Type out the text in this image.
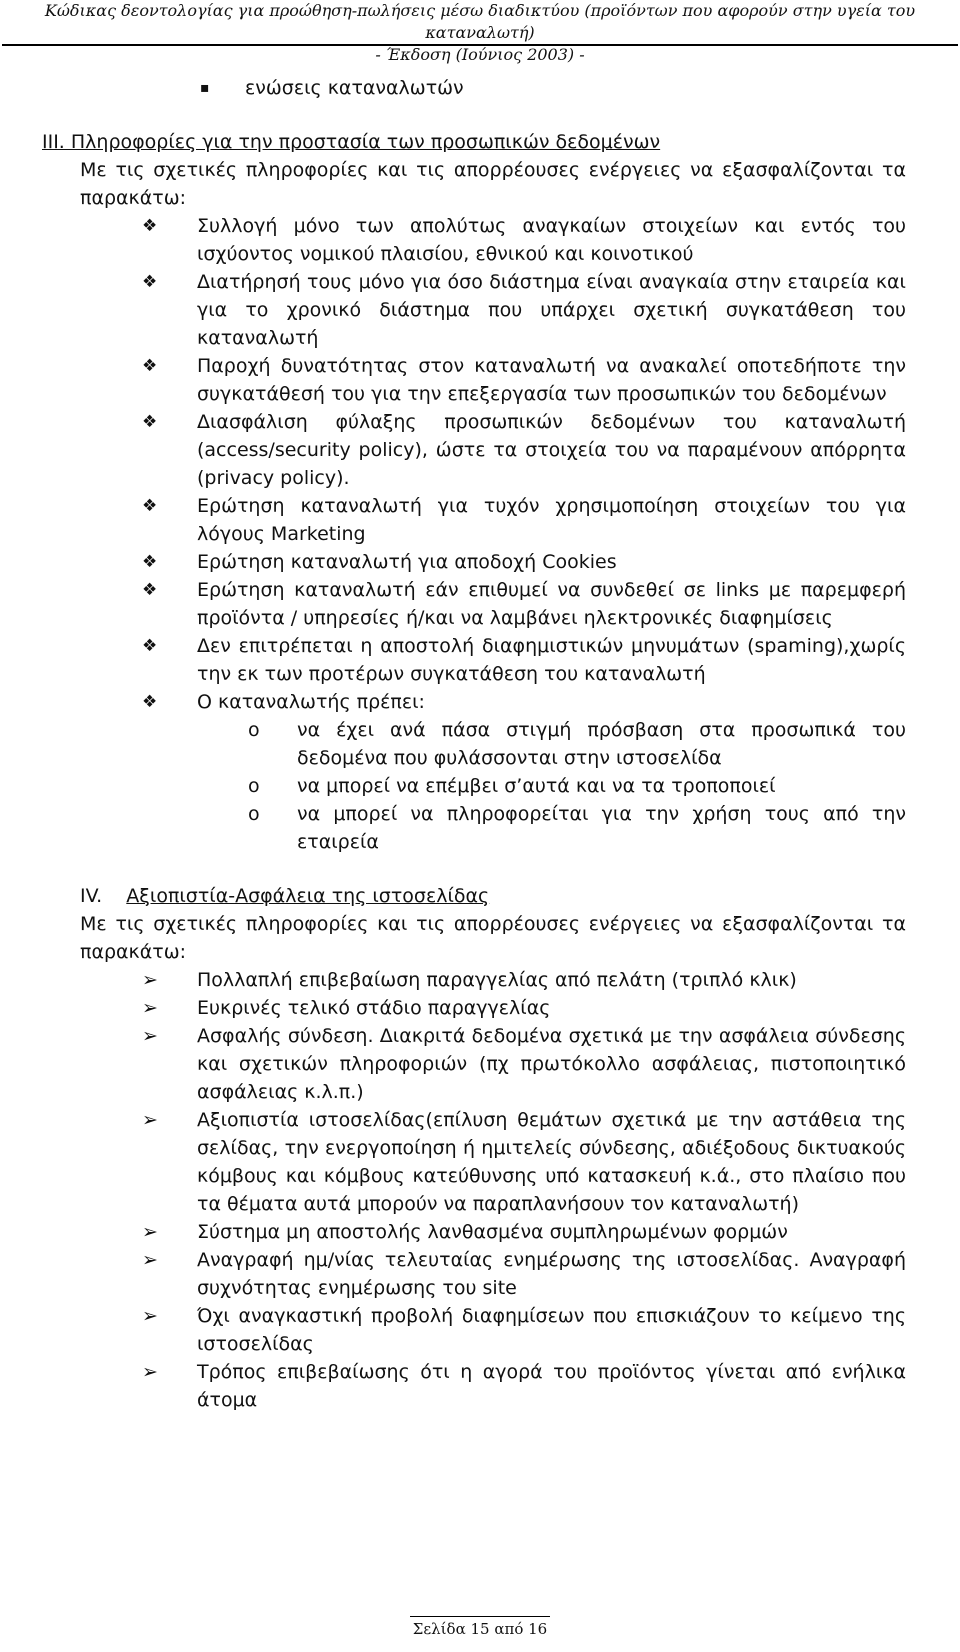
Κώδικας δεοντολογίας για προώθηση-πωλήσεις μέσω διαδικτύου (προϊόντων που αφορούν στην υγεία του καταναλωτή)
- Έκδοση (Ιούνιος 2003) -
▪ ενώσεις καταναλωτών
ΙΙΙ. Πληροφορίες για την προστασία των προσωπικών δεδομένων
Με τις σχετικές πληροφορίες και τις απορρέουσες ενέργειες να εξασφαλίζονται τα παρακάτω:
❖ Συλλογή μόνο των απολύτως αναγκαίων στοιχείων και εντός του ισχύοντος νομικού πλαισίου, εθνικού και κοινοτικού
❖ Διατήρησή τους μόνο για όσο διάστημα είναι αναγκαία στην εταιρεία και για το χρονικό διάστημα που υπάρχει σχετική συγκατάθεση του καταναλωτή
❖ Παροχή δυνατότητας στον καταναλωτή να ανακαλεί οποτεδήποτε την συγκατάθεσή του για την επεξεργασία των προσωπικών του δεδομένων
❖ Διασφάλιση φύλαξης προσωπικών δεδομένων του καταναλωτή (access/security policy), ώστε τα στοιχεία του να παραμένουν απόρρητα (privacy policy).
❖ Ερώτηση καταναλωτή για τυχόν χρησιμοποίηση στοιχείων του για λόγους Marketing
❖ Ερώτηση καταναλωτή για αποδοχή Cookies
❖ Ερώτηση καταναλωτή εάν επιθυμεί να συνδεθεί σε links με παρεμφερή προϊόντα / υπηρεσίες ή/και να λαμβάνει ηλεκτρονικές διαφημίσεις
❖ Δεν επιτρέπεται η αποστολή διαφημιστικών μηνυμάτων (spaming),χωρίς την εκ των προτέρων συγκατάθεση του καταναλωτή
❖ Ο καταναλωτής πρέπει:
o να έχει ανά πάσα στιγμή πρόσβαση στα προσωπικά του δεδομένα που φυλάσσονται στην ιστοσελίδα
o να μπορεί να επέμβει σ’αυτά και να τα τροποποιεί
o να μπορεί να πληροφορείται για την χρήση τους από την εταιρεία
IV. Αξιοπιστία-Ασφάλεια της ιστοσελίδας
Με τις σχετικές πληροφορίες και τις απορρέουσες ενέργειες να εξασφαλίζονται τα παρακάτω:
➢ Πολλαπλή επιβεβαίωση παραγγελίας από πελάτη (τριπλό κλικ)
➢ Ευκρινές τελικό στάδιο παραγγελίας
➢ Ασφαλής σύνδεση. Διακριτά δεδομένα σχετικά με την ασφάλεια σύνδεσης και σχετικών πληροφοριών (πχ πρωτόκολλο ασφάλειας, πιστοποιητικό ασφάλειας κ.λ.π.)
➢ Αξιοπιστία ιστοσελίδας(επίλυση θεμάτων σχετικά με την αστάθεια της σελίδας, την ενεργοποίηση ή ημιτελείς σύνδεσης, αδιέξοδους δικτυακούς κόμβους και κόμβους κατεύθυνσης υπό κατασκευή κ.ά., στο πλαίσιο που τα θέματα αυτά μπορούν να παραπλανήσουν τον καταναλωτή)
➢ Σύστημα μη αποστολής λανθασμένα συμπληρωμένων φορμών
➢ Αναγραφή ημ/νίας τελευταίας ενημέρωσης της ιστοσελίδας. Αναγραφή συχνότητας ενημέρωσης του site
➢ Όχι αναγκαστική προβολή διαφημίσεων που επισκιάζουν το κείμενο της ιστοσελίδας
➢ Τρόπος επιβεβαίωσης ότι η αγορά του προϊόντος γίνεται από ενήλικα άτομα
Σελίδα 15 από 16
